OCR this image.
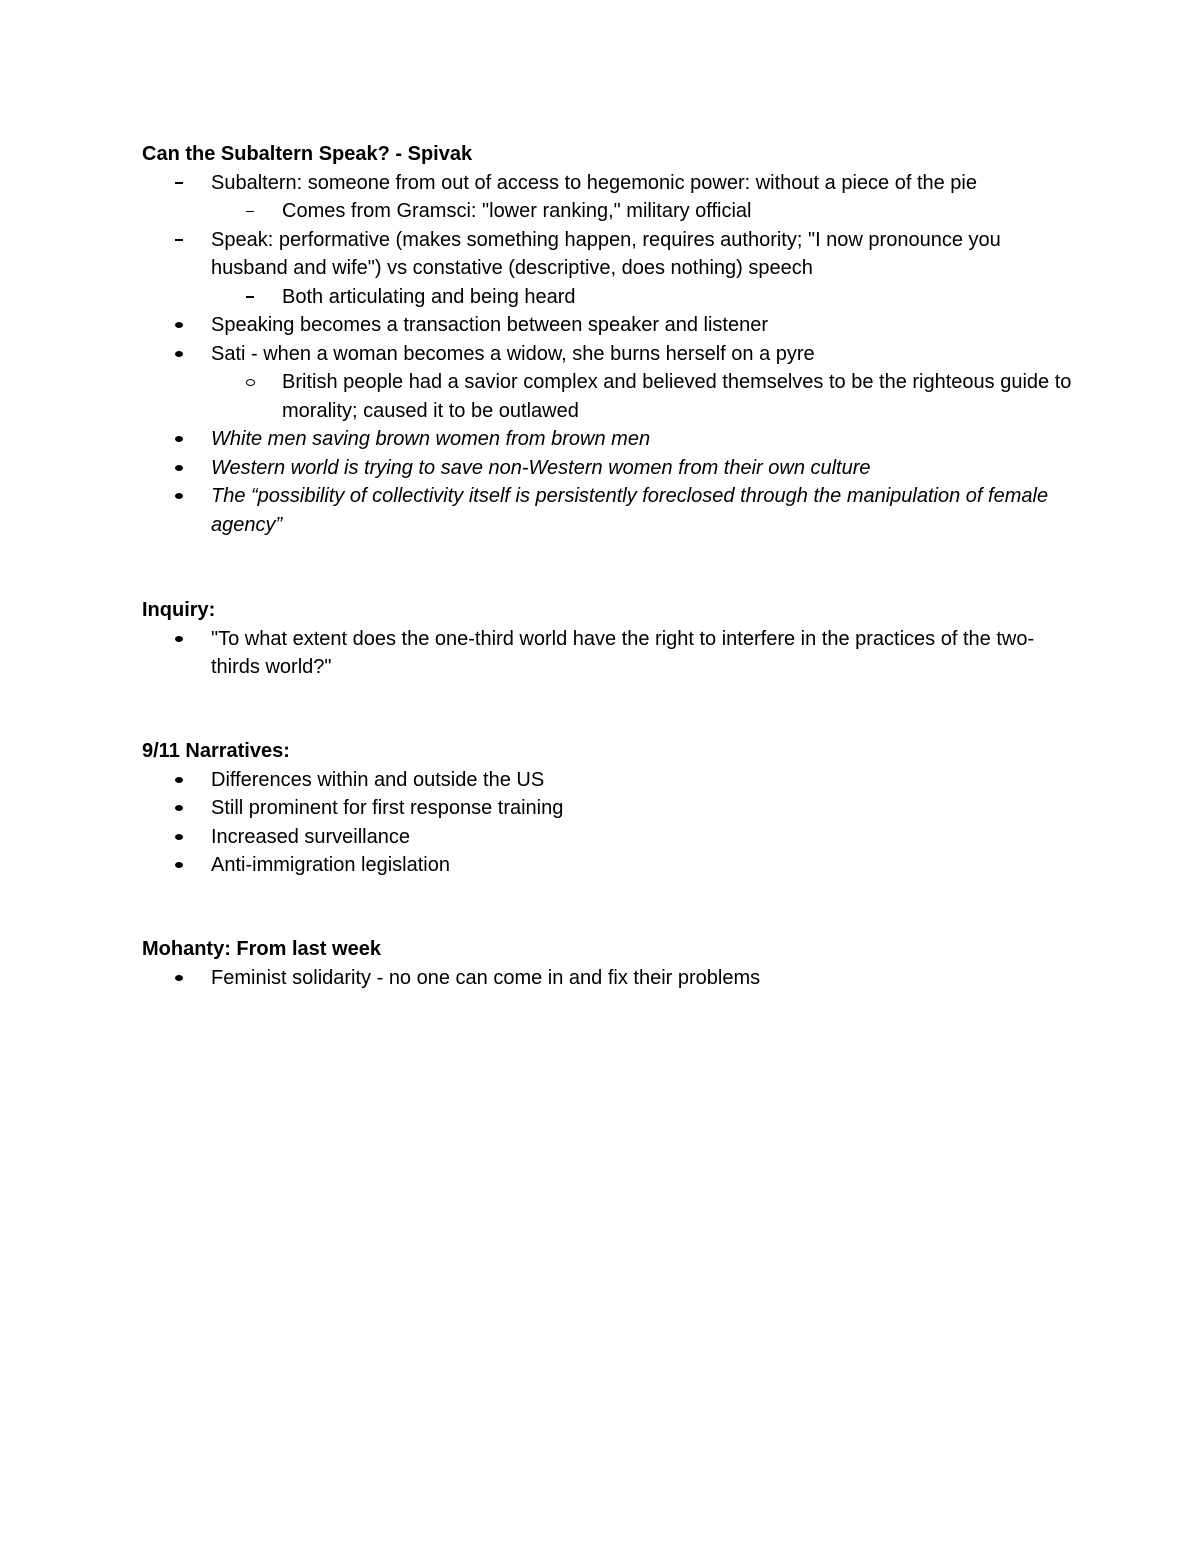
Can the Subaltern Speak? - Spivak
Subaltern: someone from out of access to hegemonic power: without a piece of the pie
Comes from Gramsci: "lower ranking," military official
Speak: performative (makes something happen, requires authority; "I now pronounce you husband and wife") vs constative (descriptive, does nothing) speech
Both articulating and being heard
Speaking becomes a transaction between speaker and listener
Sati - when a woman becomes a widow, she burns herself on a pyre
British people had a savior complex and believed themselves to be the righteous guide to morality; caused it to be outlawed
White men saving brown women from brown men
Western world is trying to save non-Western women from their own culture
The “possibility of collectivity itself is persistently foreclosed through the manipulation of female agency”
Inquiry:
"To what extent does the one-third world have the right to interfere in the practices of the two-thirds world?"
9/11 Narratives:
Differences within and outside the US
Still prominent for first response training
Increased surveillance
Anti-immigration legislation
Mohanty: From last week
Feminist solidarity - no one can come in and fix their problems
